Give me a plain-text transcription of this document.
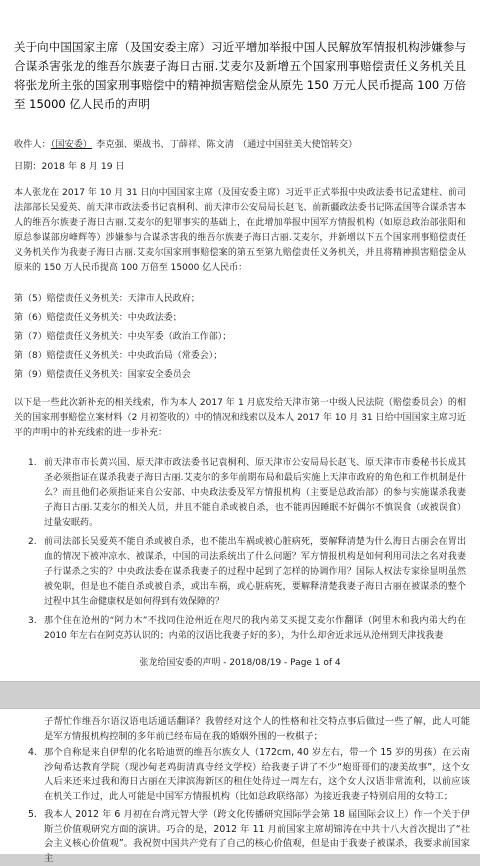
关于向中国国家主席（及国安委主席）习近平增加举报中国人民解放军情报机构涉嫌参与合谋杀害张龙的维吾尔族妻子海日古丽.艾麦尔及新增五个国家刑事赔偿责任义务机关且将张龙所主张的国家刑事赔偿中的精神损害赔偿金从原先 150 万元人民币提高 100 万倍至 15000 亿人民币的声明
收件人：（国安委） 李克强、栗战书、丁薛祥、陈文清 （通过中国驻美大使馆转交）
日期：2018 年 8 月 19 日
本人张龙在 2017 年 10 月 31 日向中国国家主席（及国安委主席）习近平正式举报中央政法委书记孟建柱、前司法部部长吴爱英、前天津市政法委书记袁桐利、前天津市公安局局长赵飞、前新疆政法委书记陈孟国等合谋杀害本人的维吾尔族妻子海日古丽.艾麦尔的犯罪事实的基础上，在此增加举报中国军方情报机构（如原总政治部张阳和原总参谋部房峰辉等）涉嫌参与合谋杀害我的维吾尔族妻子海日古丽.艾麦尔，并新增以下五个国家刑事赔偿责任义务机关作为我妻子海日古丽.艾麦尔国家刑事赔偿案的第五至第九赔偿责任义务机关，并且将精神损害赔偿金从原来的 150 万人民币提高 100 万倍至 15000 亿人民币：
第（5）赔偿责任义务机关：天津市人民政府；
第（6）赔偿责任义务机关：中央政法委；
第（7）赔偿责任义务机关：中央军委（政治工作部）；
第（8）赔偿责任义务机关：中央政治局（常委会）；
第（9）赔偿责任义务机关：国家安全委员会
以下是一些此次新补充的相关线索，作为本人 2017 年 1 月底发给天津市第一中级人民法院（赔偿委员会）的相关的国家刑事赔偿立案材料（2 月初签收的）中的情况和线索以及本人 2017 年 10 月 31 日给中国国家主席习近平的声明中的补充线索的进一步补充：
1. 前天津市市长黄兴国、原天津市政法委书记袁桐利、原天津市公安局局长赵飞、原天津市市委秘书长成其圣必须指证在谋杀我妻子海日古丽.艾麦尔的多年前期布局和最后实施上天津市政府的角色和工作机制是什么？而且他们必须指证来自公安部、中央政法委及军方情报机构（主要是总政治部）的参与实施谋杀我妻子海日古丽.艾麦尔的相关人员，并且不能自杀或被自杀，也不能再因睡眠不好偶尔不慎误食（或被误食）过量安眠药。
2. 前司法部长吴爱英不能自杀或被自杀，也不能出车祸或被心脏病死，要解释清楚为什么海日古丽会在胃出血的情况下被冲凉水、被谋杀，中国的司法系统出了什么问题？军方情报机构是如何利用司法之名对我妻子行谋杀之实的？中央政法委在谋杀我妻子的过程中起到了怎样的协调作用？国际人权法专家徐显明虽然被免职，但是也不能自杀或被自杀，或出车祸，或心脏病死，要解释清楚我妻子海日古丽在被谋杀的整个过程中其生命健康权是如何得到有效保障的？
3. 那个住在沧州的“阿力木”不找同住沧州近在咫尺的我内弟艾买提艾麦尔作翻译（阿里木和我内弟大约在 2010 年左右在阿克苏认识的；内弟的汉语比我妻子好的多），为什么却舍近求远从沧州到天津找我妻
张龙给国安委的声明 - 2018/08/19 - Page 1 of 4
子帮忙作维吾尔语汉语电话通话翻译？我曾经对这个人的性格和社交特点事后做过一些了解，此人可能是军方情报机构控制的多年前已经布局在我的婚姻外围的一枚棋子；
4. 那个自称是来自伊犁的化名哈迪贾的维吾尔族女人（172cm, 40 岁左右，带一个 15 岁的男孩）在云南沙甸希达教育学院（现沙甸老鸡街清真寺经文学校）给我妻子讲了不少“炮哥哥们的凄美故事”，这个女人后来还来过我和海日古丽在天津滨海新区的租住处待过一周左右，这个女人汉语非常流利，以前应该在机关工作过，此人可能是中国军方情报机构（比如总政联络部）为接近我妻子特别启用的女特工；
5. 我本人 2012 年 6 月初在台湾元智大学（跨文化传播研究国际学会第 18 届国际会议上）作一个关于伊斯兰价值观研究方面的演讲。巧合的是，2012 年 11 月前国家主席胡锦涛在中共十八大首次提出了“社会主义核心价值观”。我祝贺中国共产党有了自己的核心价值观，但是由于我妻子被谋杀，我要求前国家主
